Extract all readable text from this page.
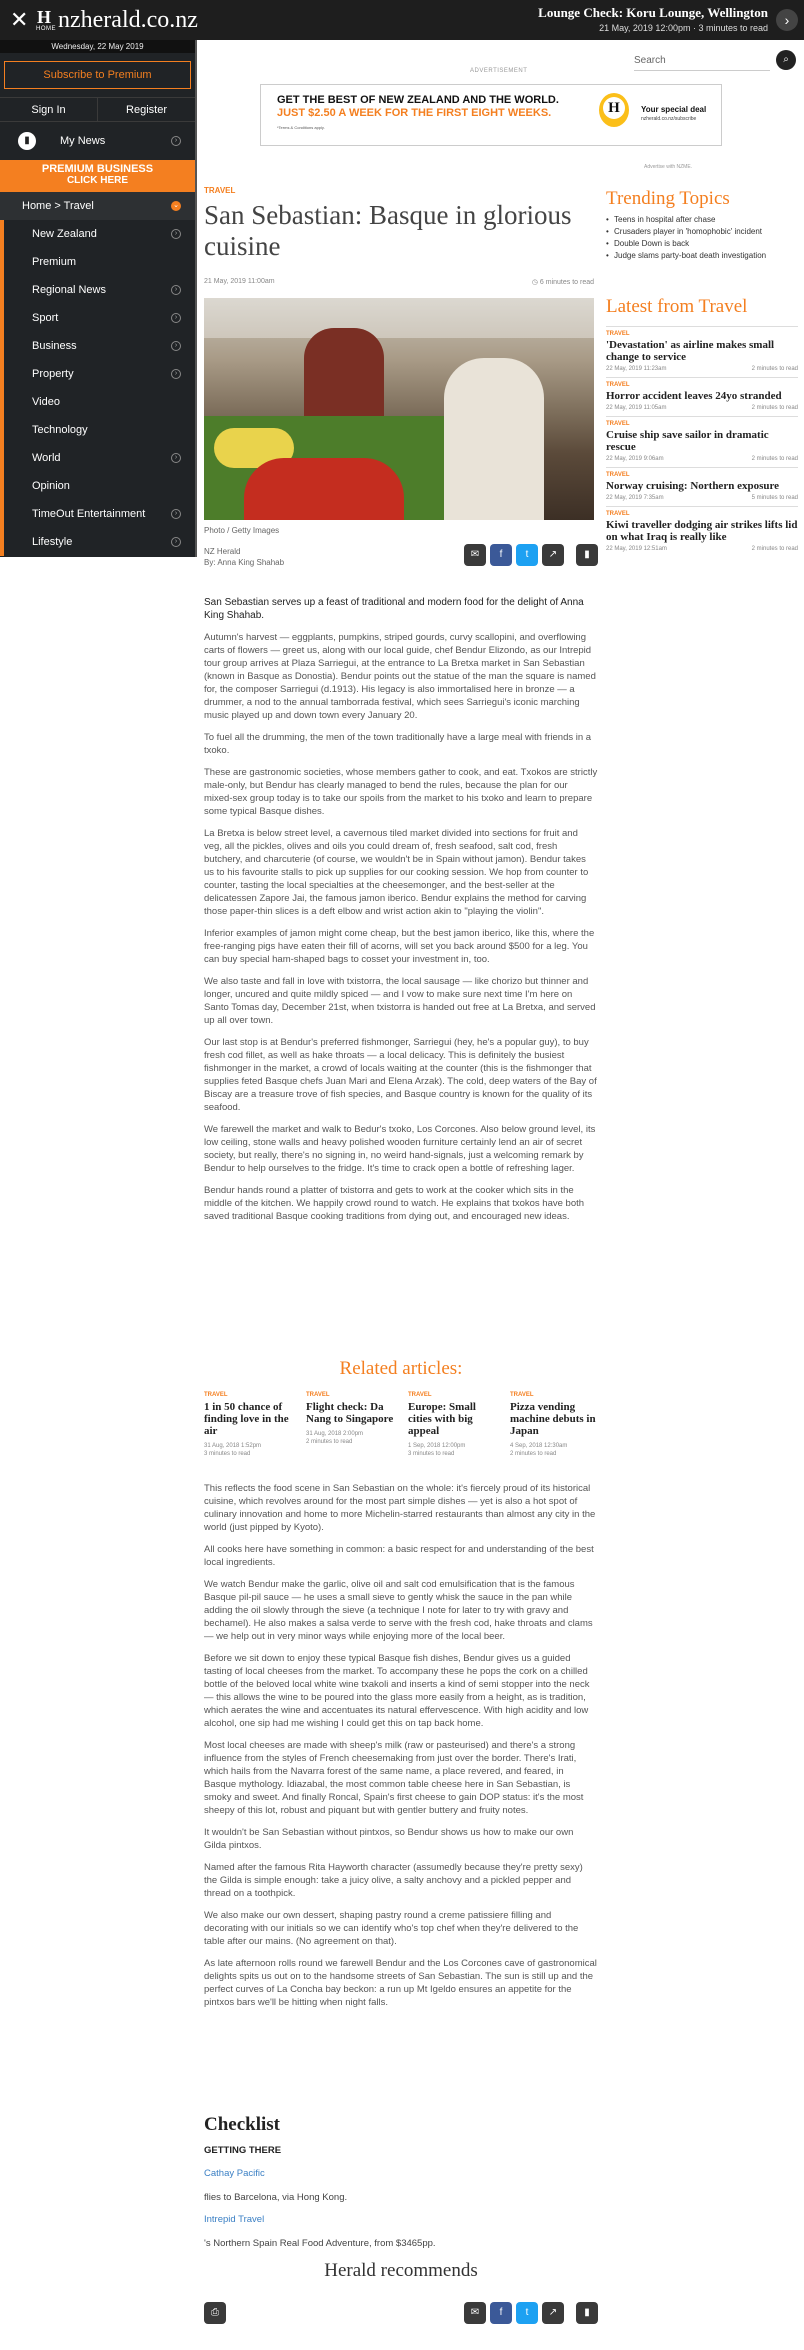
✕ H
HOME nzherald.co.nz	Lounge Check: Koru Lounge, Wellington
21 May, 2019 12:00pm · 3 minutes to read	›
Wednesday, 22 May 2019
Subscribe to Premium
Sign In	Register
▮	My News	›
PREMIUM BUSINESS
CLICK HERE
Home > Travel	⌄
New Zealand	›
Premium
Regional News	›
Sport	›
Business	›
Property	›
Video
Technology
World	›
Opinion
TimeOut Entertainment	›
Lifestyle	›
ADVERTISEMENT
Search	⌕
GET THE BEST OF NEW ZEALAND AND THE WORLD.
JUST $2.50 A WEEK FOR THE FIRST EIGHT WEEKS.
*Terms & Conditions apply.
H	Your special deal
nzherald.co.nz/subscribe
Advertise with NZME.
TRAVEL
San Sebastian: Basque in glorious cuisine
21 May, 2019 11:00am	◷ 6 minutes to read
Photo / Getty Images
NZ Herald
By: Anna King Shahab
✉	f	t	↗	▮

San Sebastian serves up a feast of traditional and modern food for the delight of Anna King Shahab.

Autumn's harvest — eggplants, pumpkins, striped gourds, curvy scallopini, and overflowing carts of flowers — greet us, along with our local guide, chef Bendur Elizondo, as our Intrepid tour group arrives at Plaza Sarriegui, at the entrance to La Bretxa market in San Sebastian (known in Basque as Donostia). Bendur points out the statue of the man the square is named for, the composer Sarriegui (d.1913). His legacy is also immortalised here in bronze — a drummer, a nod to the annual tamborrada festival, which sees Sarriegui's iconic marching music played up and down town every January 20.

To fuel all the drumming, the men of the town traditionally have a large meal with friends in a txoko.

These are gastronomic societies, whose members gather to cook, and eat. Txokos are strictly male-only, but Bendur has clearly managed to bend the rules, because the plan for our mixed-sex group today is to take our spoils from the market to his txoko and learn to prepare some typical Basque dishes.

La Bretxa is below street level, a cavernous tiled market divided into sections for fruit and veg, all the pickles, olives and oils you could dream of, fresh seafood, salt cod, fresh butchery, and charcuterie (of course, we wouldn't be in Spain without jamon). Bendur takes us to his favourite stalls to pick up supplies for our cooking session. We hop from counter to counter, tasting the local specialties at the cheesemonger, and the best-seller at the delicatessen Zapore Jai, the famous jamon iberico. Bendur explains the method for carving those paper-thin slices is a deft elbow and wrist action akin to "playing the violin".

Inferior examples of jamon might come cheap, but the best jamon iberico, like this, where the free-ranging pigs have eaten their fill of acorns, will set you back around $500 for a leg. You can buy special ham-shaped bags to cosset your investment in, too.

We also taste and fall in love with txistorra, the local sausage — like chorizo but thinner and longer, uncured and quite mildly spiced — and I vow to make sure next time I'm here on Santo Tomas day, December 21st, when txistorra is handed out free at La Bretxa, and served up all over town.

Our last stop is at Bendur's preferred fishmonger, Sarriegui (hey, he's a popular guy), to buy fresh cod fillet, as well as hake throats — a local delicacy. This is definitely the busiest fishmonger in the market, a crowd of locals waiting at the counter (this is the fishmonger that supplies feted Basque chefs Juan Mari and Elena Arzak). The cold, deep waters of the Bay of Biscay are a treasure trove of fish species, and Basque country is known for the quality of its seafood.

We farewell the market and walk to Bedur's txoko, Los Corcones. Also below ground level, its low ceiling, stone walls and heavy polished wooden furniture certainly lend an air of secret society, but really, there's no signing in, no weird hand-signals, just a welcoming remark by Bendur to help ourselves to the fridge. It's time to crack open a bottle of refreshing lager.

Bendur hands round a platter of txistorra and gets to work at the cooker which sits in the middle of the kitchen. We happily crowd round to watch. He explains that txokos have both saved traditional Basque cooking traditions from dying out, and encouraged new ideas.

Related articles:
TRAVEL
1 in 50 chance of finding love in the air
31 Aug, 2018 1:52pm
3 minutes to read
TRAVEL
Flight check: Da Nang to Singapore
31 Aug, 2018 2:00pm
2 minutes to read
TRAVEL
Europe: Small cities with big appeal
1 Sep, 2018 12:00pm
3 minutes to read
TRAVEL
Pizza vending machine debuts in Japan
4 Sep, 2018 12:30am
2 minutes to read

This reflects the food scene in San Sebastian on the whole: it's fiercely proud of its historical cuisine, which revolves around for the most part simple dishes — yet is also a hot spot of culinary innovation and home to more Michelin-starred restaurants than almost any city in the world (just pipped by Kyoto).

All cooks here have something in common: a basic respect for and understanding of the best local ingredients.

We watch Bendur make the garlic, olive oil and salt cod emulsification that is the famous Basque pil-pil sauce — he uses a small sieve to gently whisk the sauce in the pan while adding the oil slowly through the sieve (a technique I note for later to try with gravy and bechamel). He also makes a salsa verde to serve with the fresh cod, hake throats and clams — we help out in very minor ways while enjoying more of the local beer.

Before we sit down to enjoy these typical Basque fish dishes, Bendur gives us a guided tasting of local cheeses from the market. To accompany these he pops the cork on a chilled bottle of the beloved local white wine txakoli and inserts a kind of semi stopper into the neck — this allows the wine to be poured into the glass more easily from a height, as is tradition, which aerates the wine and accentuates its natural effervescence. With high acidity and low alcohol, one sip had me wishing I could get this on tap back home.

Most local cheeses are made with sheep's milk (raw or pasteurised) and there's a strong influence from the styles of French cheesemaking from just over the border. There's Irati, which hails from the Navarra forest of the same name, a place revered, and feared, in Basque mythology. Idiazabal, the most common table cheese here in San Sebastian, is smoky and sweet. And finally Roncal, Spain's first cheese to gain DOP status: it's the most sheepy of this lot, robust and piquant but with gentler buttery and fruity notes.

It wouldn't be San Sebastian without pintxos, so Bendur shows us how to make our own Gilda pintxos.

Named after the famous Rita Hayworth character (assumedly because they're pretty sexy) the Gilda is simple enough: take a juicy olive, a salty anchovy and a pickled pepper and thread on a toothpick.

We also make our own dessert, shaping pastry round a creme patissiere filling and decorating with our initials so we can identify who's top chef when they're delivered to the table after our mains. (No agreement on that).

As late afternoon rolls round we farewell Bendur and the Los Corcones cave of gastronomical delights spits us out on to the handsome streets of San Sebastian. The sun is still up and the perfect curves of La Concha bay beckon: a run up Mt Igeldo ensures an appetite for the pintxos bars we'll be hitting when night falls.

Checklist
GETTING THERE
Cathay Pacific
flies to Barcelona, via Hong Kong.
Intrepid Travel
's Northern Spain Real Food Adventure, from $3465pp.
Herald recommends
⎙	✉	f	t	↗	▮
Trending Topics
• Teens in hospital after chase
• Crusaders player in 'homophobic' incident
• Double Down is back
• Judge slams party-boat death investigation
Latest from Travel
TRAVEL
'Devastation' as airline makes small change to service
22 May, 2019 11:23am	2 minutes to read
TRAVEL
Horror accident leaves 24yo stranded
22 May, 2019 11:05am	2 minutes to read
TRAVEL
Cruise ship save sailor in dramatic rescue
22 May, 2019 9:06am	2 minutes to read
TRAVEL
Norway cruising: Northern exposure
22 May, 2019 7:35am	5 minutes to read
TRAVEL
Kiwi traveller dodging air strikes lifts lid on what Iraq is really like
22 May, 2019 12:51am	2 minutes to read
